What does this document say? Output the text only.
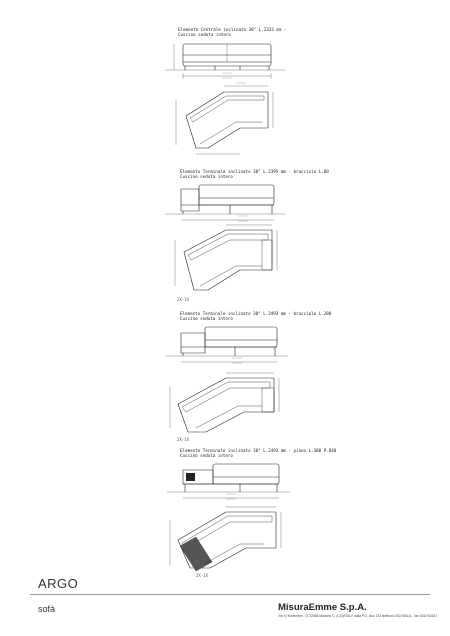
Elemento Centrale inclinato 30° L.2333 mm -
Cuscino seduta intero
Elemento Terminale inclinato 30° L.2395 mm - bracciolo L.80
Cuscino seduta intero
2X-1X
Elemento Terminale inclinato 30° L.2493 mm - bracciolo L.280
Cuscino seduta intero
2X-1X
Elemento Terminale inclinato 30° L.2493 mm - piano L.380 P.840
Cuscino seduta intero
2X-1X
ARGO
sofà	MisuraEmme S.p.A.
Via IV Novembre, 72 22066 Mariano C. (CO)/ITALY Italia P.O. Box 133 telefono 031/754111 - fax 031/744437
